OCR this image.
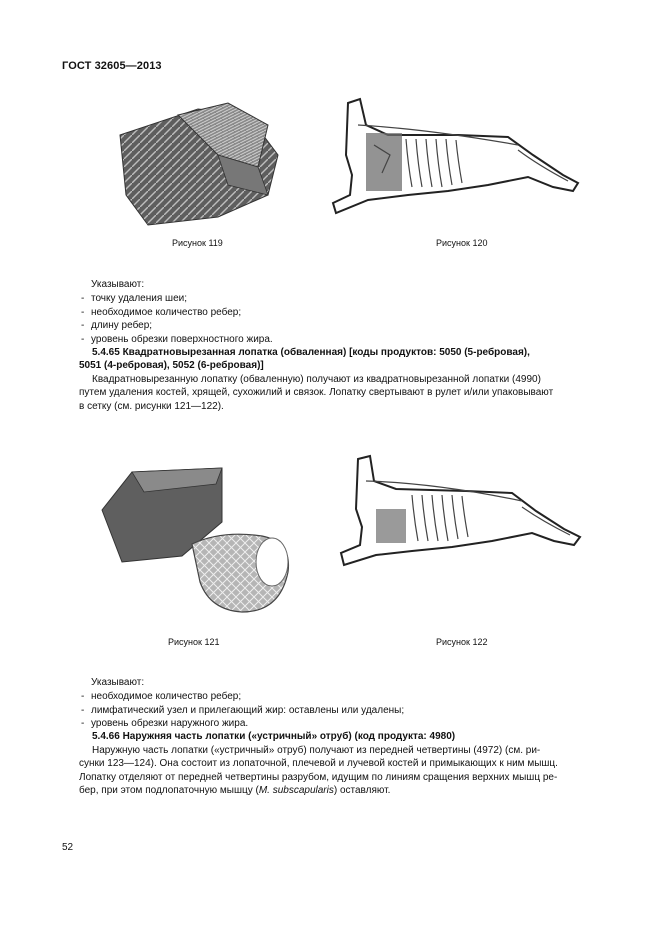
ГОСТ 32605—2013
Рисунок 119	Рисунок 120
Указывают:
- точку удаления шеи;
- необходимое количество ребер;
- длину ребер;
- уровень обрезки поверхностного жира.
5.4.65 Квадратновырезанная лопатка (обваленная) [коды продуктов: 5050 (5-ребровая),
5051 (4-ребровая), 5052 (6-ребровая)]
Квадратновырезанную лопатку (обваленную) получают из квадратновырезанной лопатки (4990)
путем удаления костей, хрящей, сухожилий и связок. Лопатку свертывают в рулет и/или упаковывают
в сетку (см. рисунки 121—122).
Рисунок 121	Рисунок 122
Указывают:
- необходимое количество ребер;
- лимфатический узел и прилегающий жир: оставлены или удалены;
- уровень обрезки наружного жира.
5.4.66 Наружняя часть лопатки («устричный» отруб) (код продукта: 4980)
Наружную часть лопатки («устричный» отруб) получают из передней четвертины (4972) (см. ри-
сунки 123—124). Она состоит из лопаточной, плечевой и лучевой костей и примыкающих к ним мышц.
Лопатку отделяют от передней четвертины разрубом, идущим по линиям сращения верхних мышц ре-
бер, при этом подлопаточную мышцу (M. subscapularis) оставляют.
52
